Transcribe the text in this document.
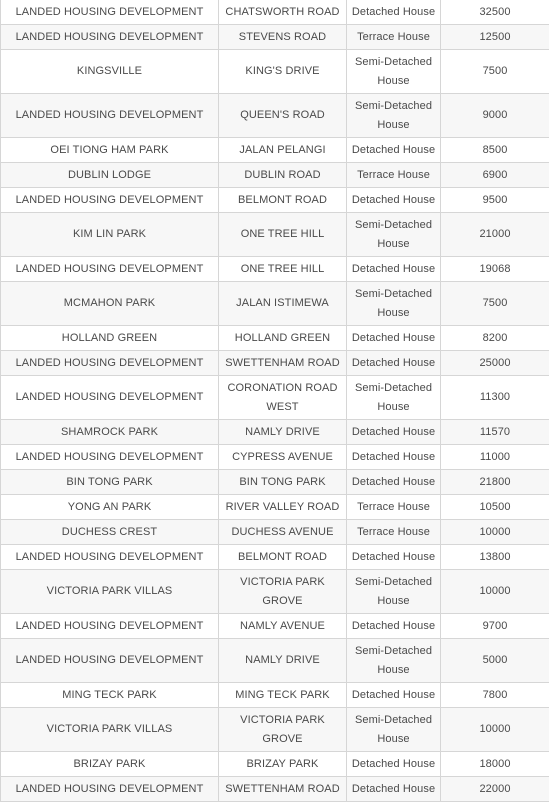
LANDED HOUSING DEVELOPMENT	CHATSWORTH ROAD	Detached House	32500
LANDED HOUSING DEVELOPMENT	STEVENS ROAD	Terrace House	12500
KINGSVILLE	KING'S DRIVE	Semi-Detached House	7500
LANDED HOUSING DEVELOPMENT	QUEEN'S ROAD	Semi-Detached House	9000
OEI TIONG HAM PARK	JALAN PELANGI	Detached House	8500
DUBLIN LODGE	DUBLIN ROAD	Terrace House	6900
LANDED HOUSING DEVELOPMENT	BELMONT ROAD	Detached House	9500
KIM LIN PARK	ONE TREE HILL	Semi-Detached House	21000
LANDED HOUSING DEVELOPMENT	ONE TREE HILL	Detached House	19068
MCMAHON PARK	JALAN ISTIMEWA	Semi-Detached House	7500
HOLLAND GREEN	HOLLAND GREEN	Detached House	8200
LANDED HOUSING DEVELOPMENT	SWETTENHAM ROAD	Detached House	25000
LANDED HOUSING DEVELOPMENT	CORONATION ROAD WEST	Semi-Detached House	11300
SHAMROCK PARK	NAMLY DRIVE	Detached House	11570
LANDED HOUSING DEVELOPMENT	CYPRESS AVENUE	Detached House	11000
BIN TONG PARK	BIN TONG PARK	Detached House	21800
YONG AN PARK	RIVER VALLEY ROAD	Terrace House	10500
DUCHESS CREST	DUCHESS AVENUE	Terrace House	10000
LANDED HOUSING DEVELOPMENT	BELMONT ROAD	Detached House	13800
VICTORIA PARK VILLAS	VICTORIA PARK GROVE	Semi-Detached House	10000
LANDED HOUSING DEVELOPMENT	NAMLY AVENUE	Detached House	9700
LANDED HOUSING DEVELOPMENT	NAMLY DRIVE	Semi-Detached House	5000
MING TECK PARK	MING TECK PARK	Detached House	7800
VICTORIA PARK VILLAS	VICTORIA PARK GROVE	Semi-Detached House	10000
BRIZAY PARK	BRIZAY PARK	Detached House	18000
LANDED HOUSING DEVELOPMENT	SWETTENHAM ROAD	Detached House	22000
